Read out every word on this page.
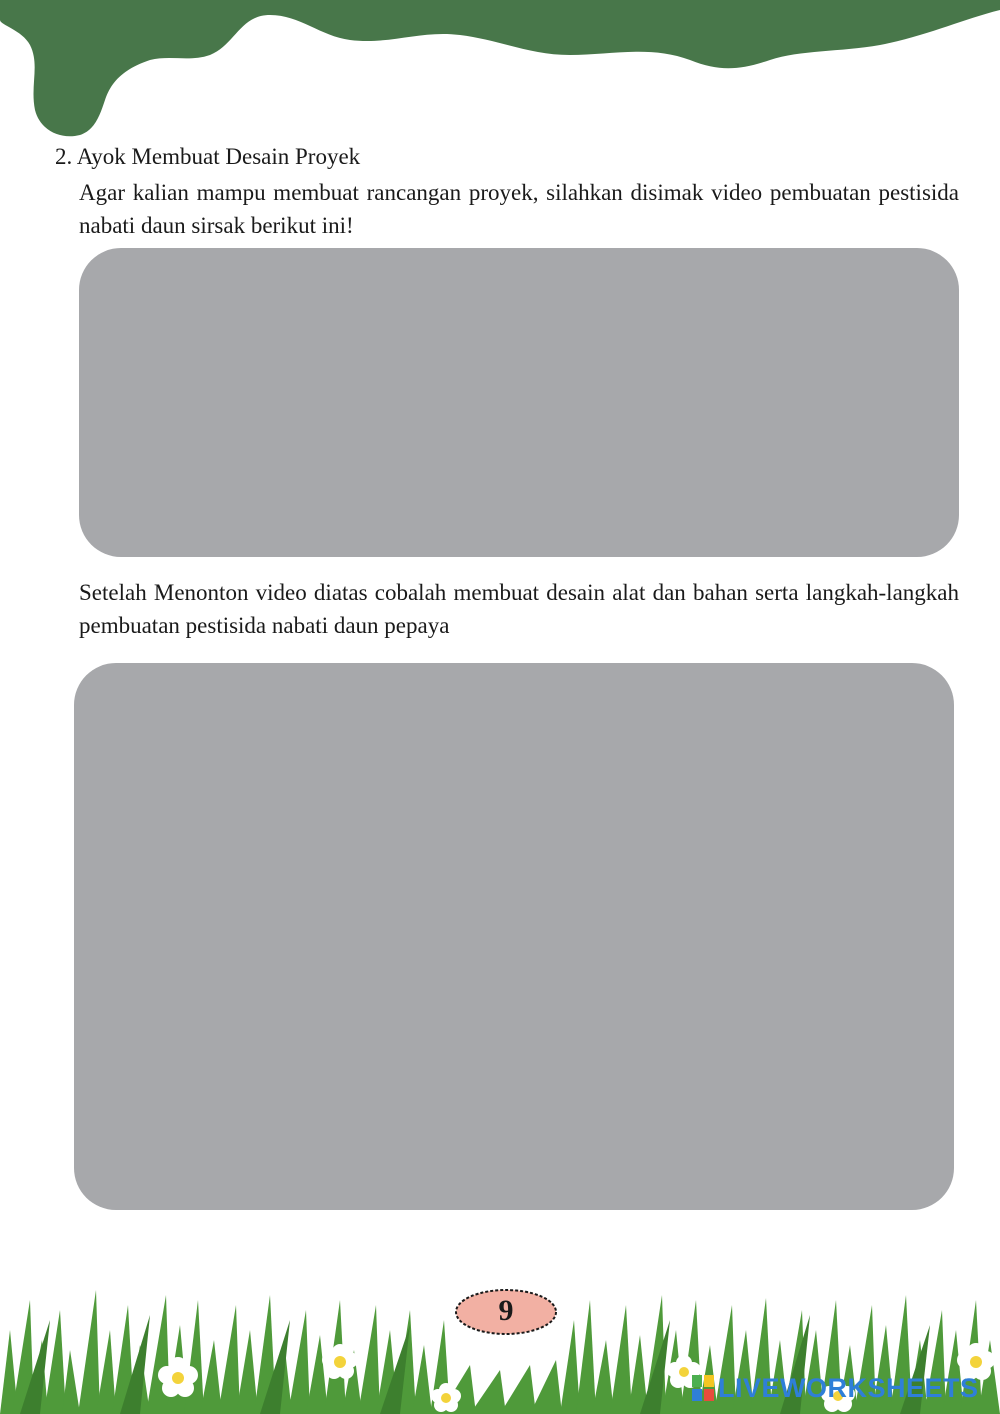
2. Ayok Membuat Desain Proyek
Agar kalian mampu membuat rancangan proyek, silahkan disimak video pembuatan pestisida nabati daun sirsak berikut ini!
Setelah Menonton video diatas cobalah membuat desain alat dan bahan serta langkah-langkah pembuatan pestisida nabati daun pepaya
9
LIVEWORKSHEETS
